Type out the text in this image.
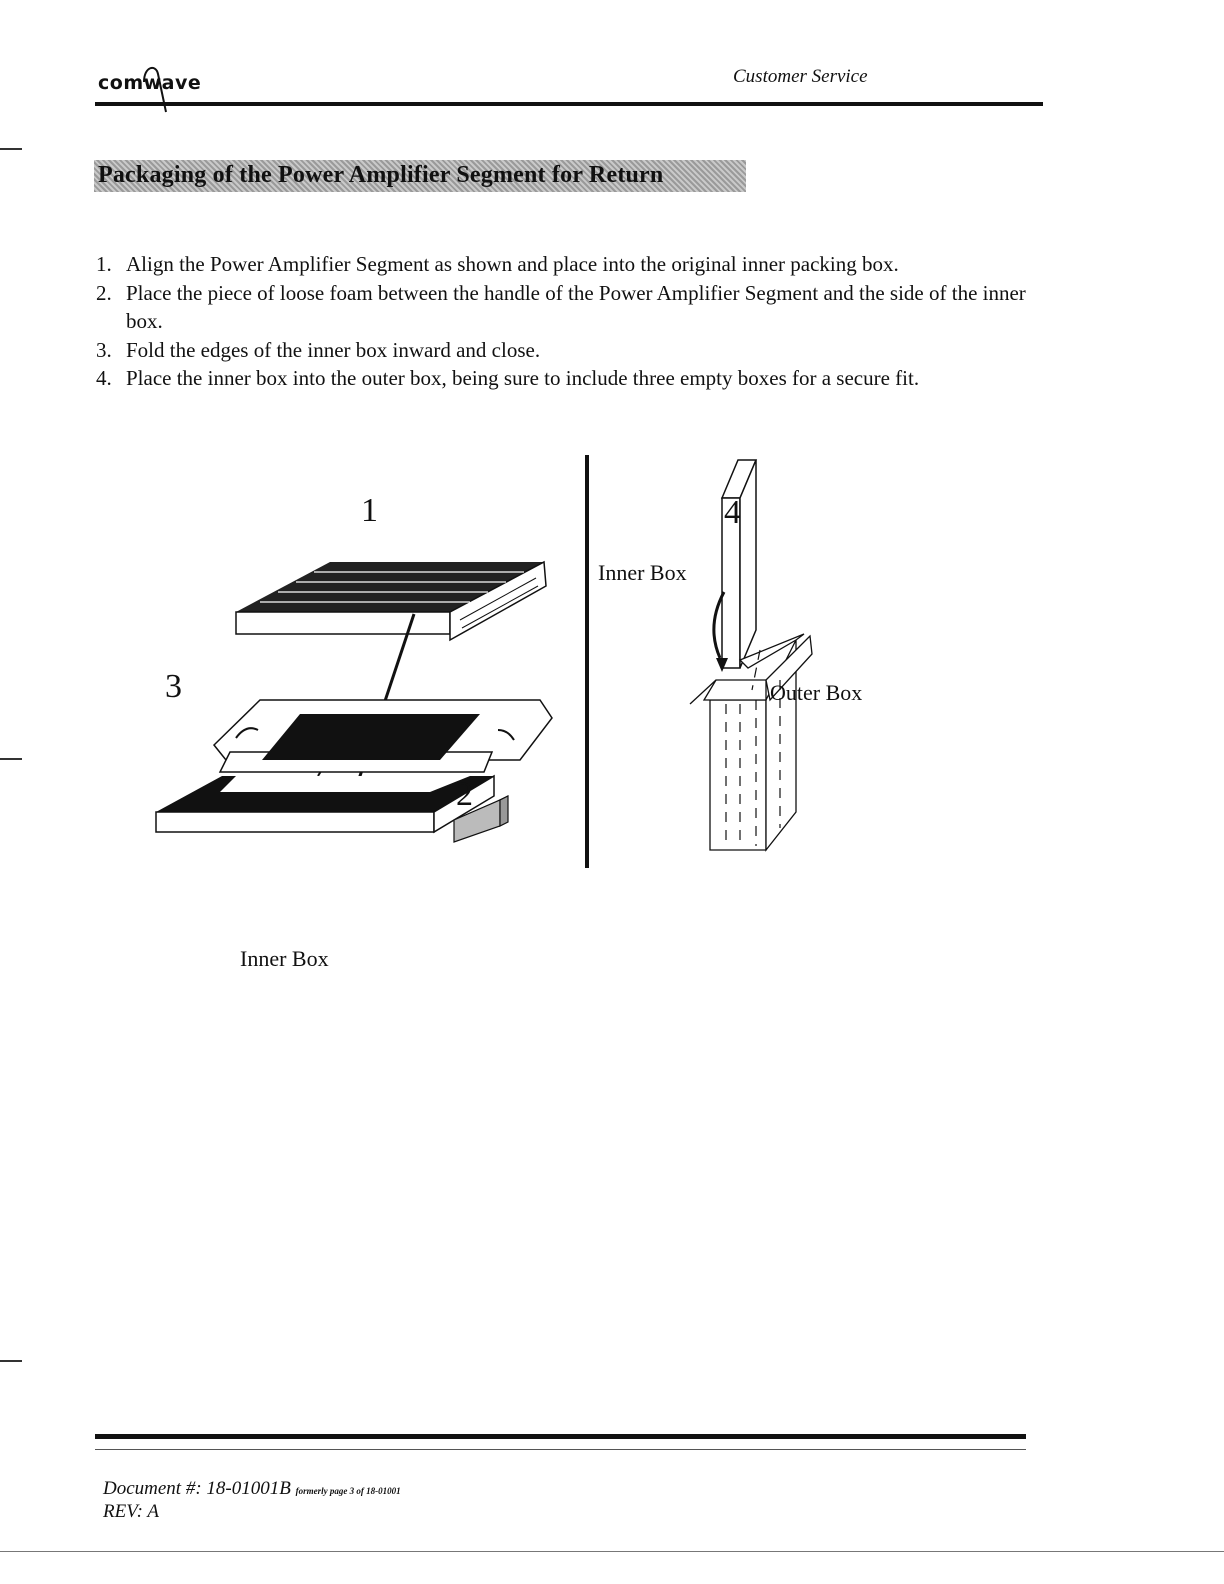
comwave	Customer Service
Packaging of the Power Amplifier Segment for Return
1. Align the Power Amplifier Segment as shown and place into the original inner packing box.
2. Place the piece of loose foam between the handle of the Power Amplifier Segment and the side of the inner box.
3. Fold the edges of the inner box inward and close.
4. Place the inner box into the outer box, being sure to include three empty boxes for a secure fit.
1
3
2
4
Inner Box
Outer Box
Inner Box
Document #: 18-01001B formerly page 3 of 18-01001
REV: A
